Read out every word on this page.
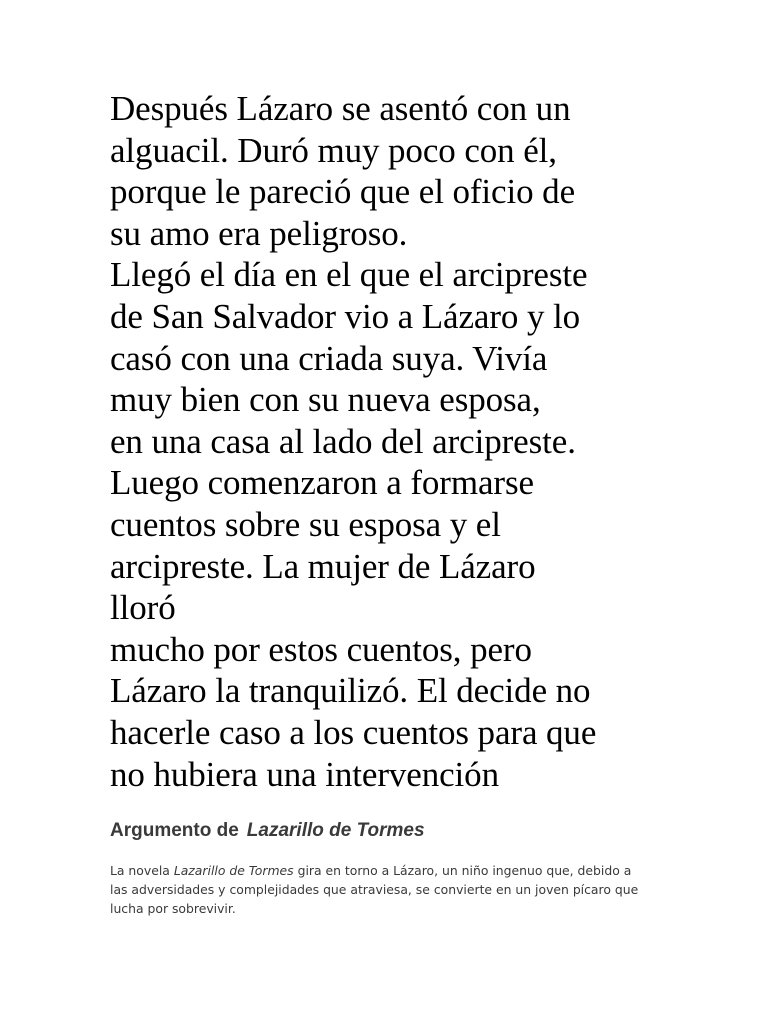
Después Lázaro se asentó con un
alguacil. Duró muy poco con él,
porque le pareció que el oficio de
su amo era peligroso.
Llegó el día en el que el arcipreste
de San Salvador vio a Lázaro y lo
casó con una criada suya. Vivía
muy bien con su nueva esposa,
en una casa al lado del arcipreste.
Luego comenzaron a formarse
cuentos sobre su esposa y el
arcipreste. La mujer de Lázaro
lloró
mucho por estos cuentos, pero
Lázaro la tranquilizó. El decide no
hacerle caso a los cuentos para que
no hubiera una intervención

Argumento de Lazarillo de Tormes

La novela Lazarillo de Tormes gira en torno a Lázaro, un niño ingenuo que, debido a
las adversidades y complejidades que atraviesa, se convierte en un joven pícaro que
lucha por sobrevivir.
